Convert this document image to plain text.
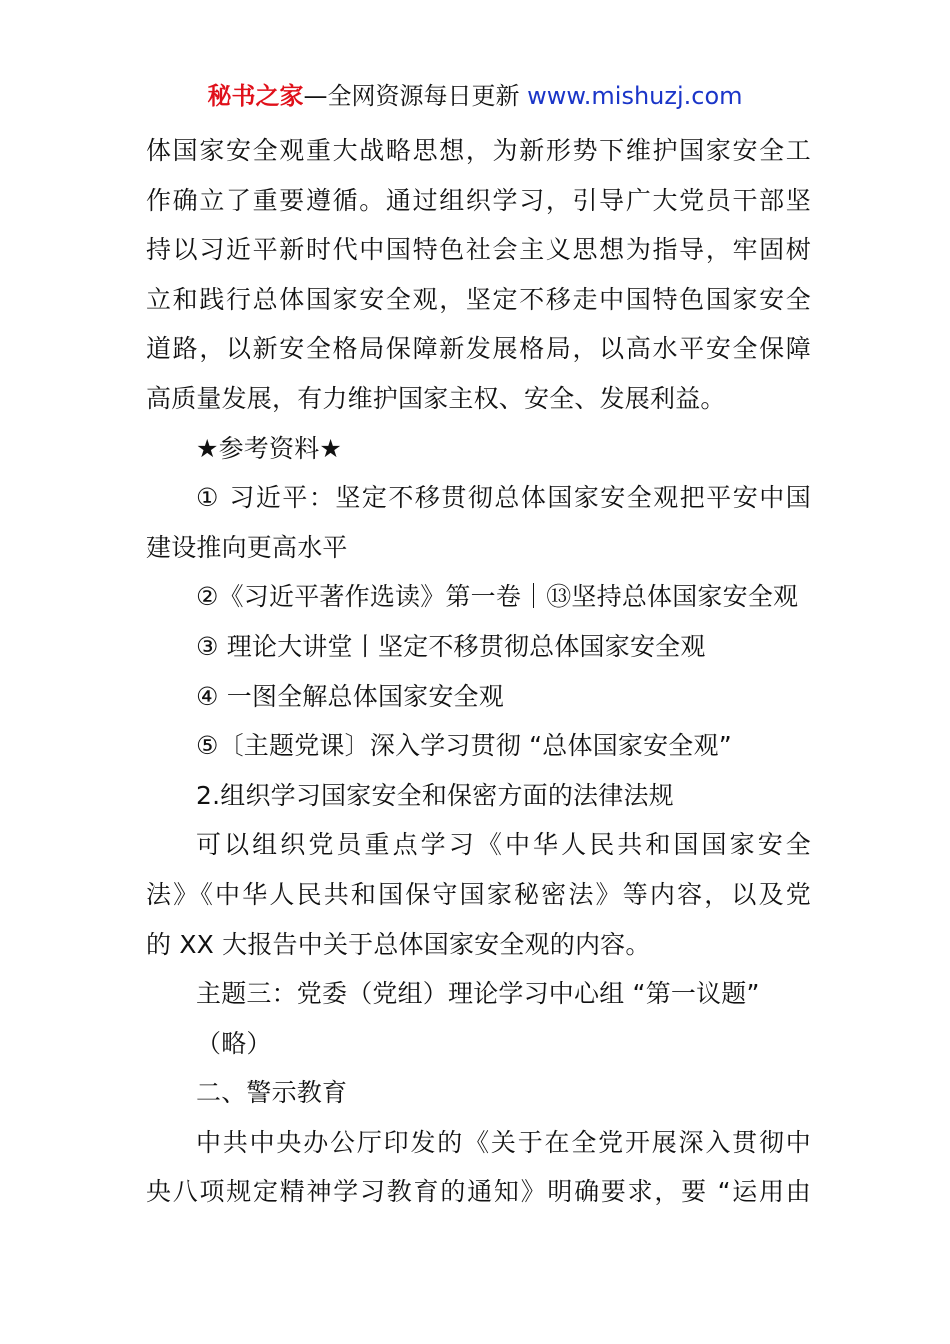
秘书之家—全网资源每日更新 www.mishuzj.com
体国家安全观重大战略思想，为新形势下维护国家安全工
作确立了重要遵循。通过组织学习，引导广大党员干部坚
持以习近平新时代中国特色社会主义思想为指导，牢固树
立和践行总体国家安全观，坚定不移走中国特色国家安全
道路，以新安全格局保障新发展格局，以高水平安全保障
高质量发展，有力维护国家主权、安全、发展利益。
★参考资料★
① 习近平：坚定不移贯彻总体国家安全观把平安中国
建设推向更高水平
②《习近平著作选读》第一卷｜⑬坚持总体国家安全观
③ 理论大讲堂丨坚定不移贯彻总体国家安全观
④ 一图全解总体国家安全观
⑤〔主题党课〕深入学习贯彻 “总体国家安全观”
2.组织学习国家安全和保密方面的法律法规
可以组织党员重点学习《中华人民共和国国家安全
法》《中华人民共和国保守国家秘密法》等内容，以及党
的 XX 大报告中关于总体国家安全观的内容。
主题三：党委（党组）理论学习中心组 “第一议题”
（略）
二、警示教育
中共中央办公厅印发的《关于在全党开展深入贯彻中
央八项规定精神学习教育的通知》明确要求，要 “运用由
